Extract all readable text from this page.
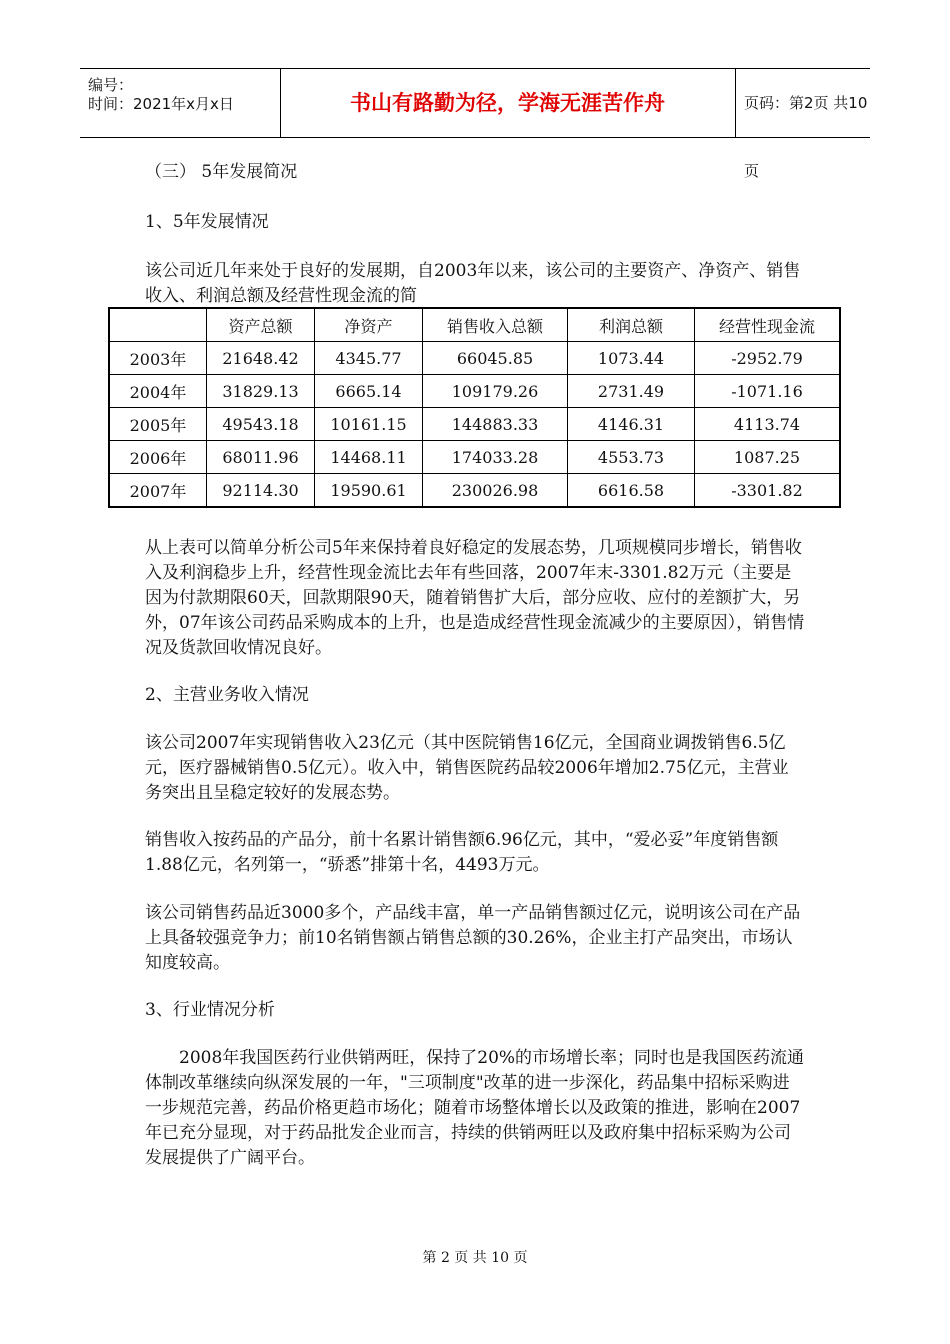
编号：
时间：2021年x月x日	书山有路勤为径，学海无涯苦作舟	页码：第2页 共10页

（三） 5年发展简况

1、5年发展情况

该公司近几年来处于良好的发展期，自2003年以来，该公司的主要资产、净资产、销售收入、利润总额及经营性现金流的简

	资产总额	净资产	销售收入总额	利润总额	经营性现金流
2003年	21648.42	4345.77	66045.85	1073.44	-2952.79
2004年	31829.13	6665.14	109179.26	2731.49	-1071.16
2005年	49543.18	10161.15	144883.33	4146.31	4113.74
2006年	68011.96	14468.11	174033.28	4553.73	1087.25
2007年	92114.30	19590.61	230026.98	6616.58	-3301.82

从上表可以简单分析公司5年来保持着良好稳定的发展态势，几项规模同步增长，销售收入及利润稳步上升，经营性现金流比去年有些回落，2007年末-3301.82万元（主要是因为付款期限60天，回款期限90天，随着销售扩大后，部分应收、应付的差额扩大，另外，07年该公司药品采购成本的上升，也是造成经营性现金流减少的主要原因），销售情况及货款回收情况良好。

2、主营业务收入情况

该公司2007年实现销售收入23亿元（其中医院销售16亿元，全国商业调拨销售6.5亿元，医疗器械销售0.5亿元）。收入中，销售医院药品较2006年增加2.75亿元，主营业务突出且呈稳定较好的发展态势。

销售收入按药品的产品分，前十名累计销售额6.96亿元，其中，“爱必妥”年度销售额1.88亿元，名列第一，“骄悉”排第十名，4493万元。

该公司销售药品近3000多个，产品线丰富，单一产品销售额过亿元，说明该公司在产品上具备较强竞争力；前10名销售额占销售总额的30.26%，企业主打产品突出，市场认知度较高。

3、行业情况分析

2008年我国医药行业供销两旺，保持了20%的市场增长率；同时也是我国医药流通体制改革继续向纵深发展的一年，"三项制度"改革的进一步深化，药品集中招标采购进一步规范完善，药品价格更趋市场化；随着市场整体增长以及政策的推进，影响在2007年已充分显现，对于药品批发企业而言，持续的供销两旺以及政府集中招标采购为公司发展提供了广阔平台。

第 2 页 共 10 页
